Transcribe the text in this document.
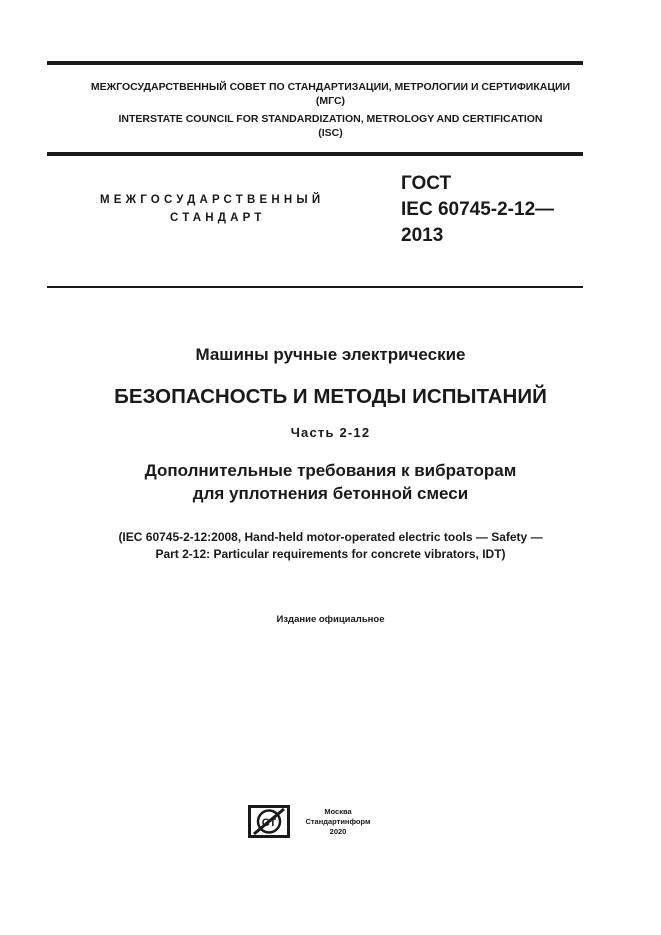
МЕЖГОСУДАРСТВЕННЫЙ СОВЕТ ПО СТАНДАРТИЗАЦИИ, МЕТРОЛОГИИ И СЕРТИФИКАЦИИ
(МГС)
INTERSTATE COUNCIL FOR STANDARDIZATION, METROLOGY AND CERTIFICATION
(ISC)
МЕЖГОСУДАРСТВЕННЫЙ
СТАНДАРТ
ГОСТ
IEC 60745-2-12—
2013
Машины ручные электрические
БЕЗОПАСНОСТЬ И МЕТОДЫ ИСПЫТАНИЙ
Часть 2-12
Дополнительные требования к вибраторам
для уплотнения бетонной смеси
(IEC 60745-2-12:2008, Hand-held motor-operated electric tools — Safety —
Part 2-12: Particular requirements for concrete vibrators, IDT)
Издание официальное
СТ
Москва
Стандартинформ
2020
